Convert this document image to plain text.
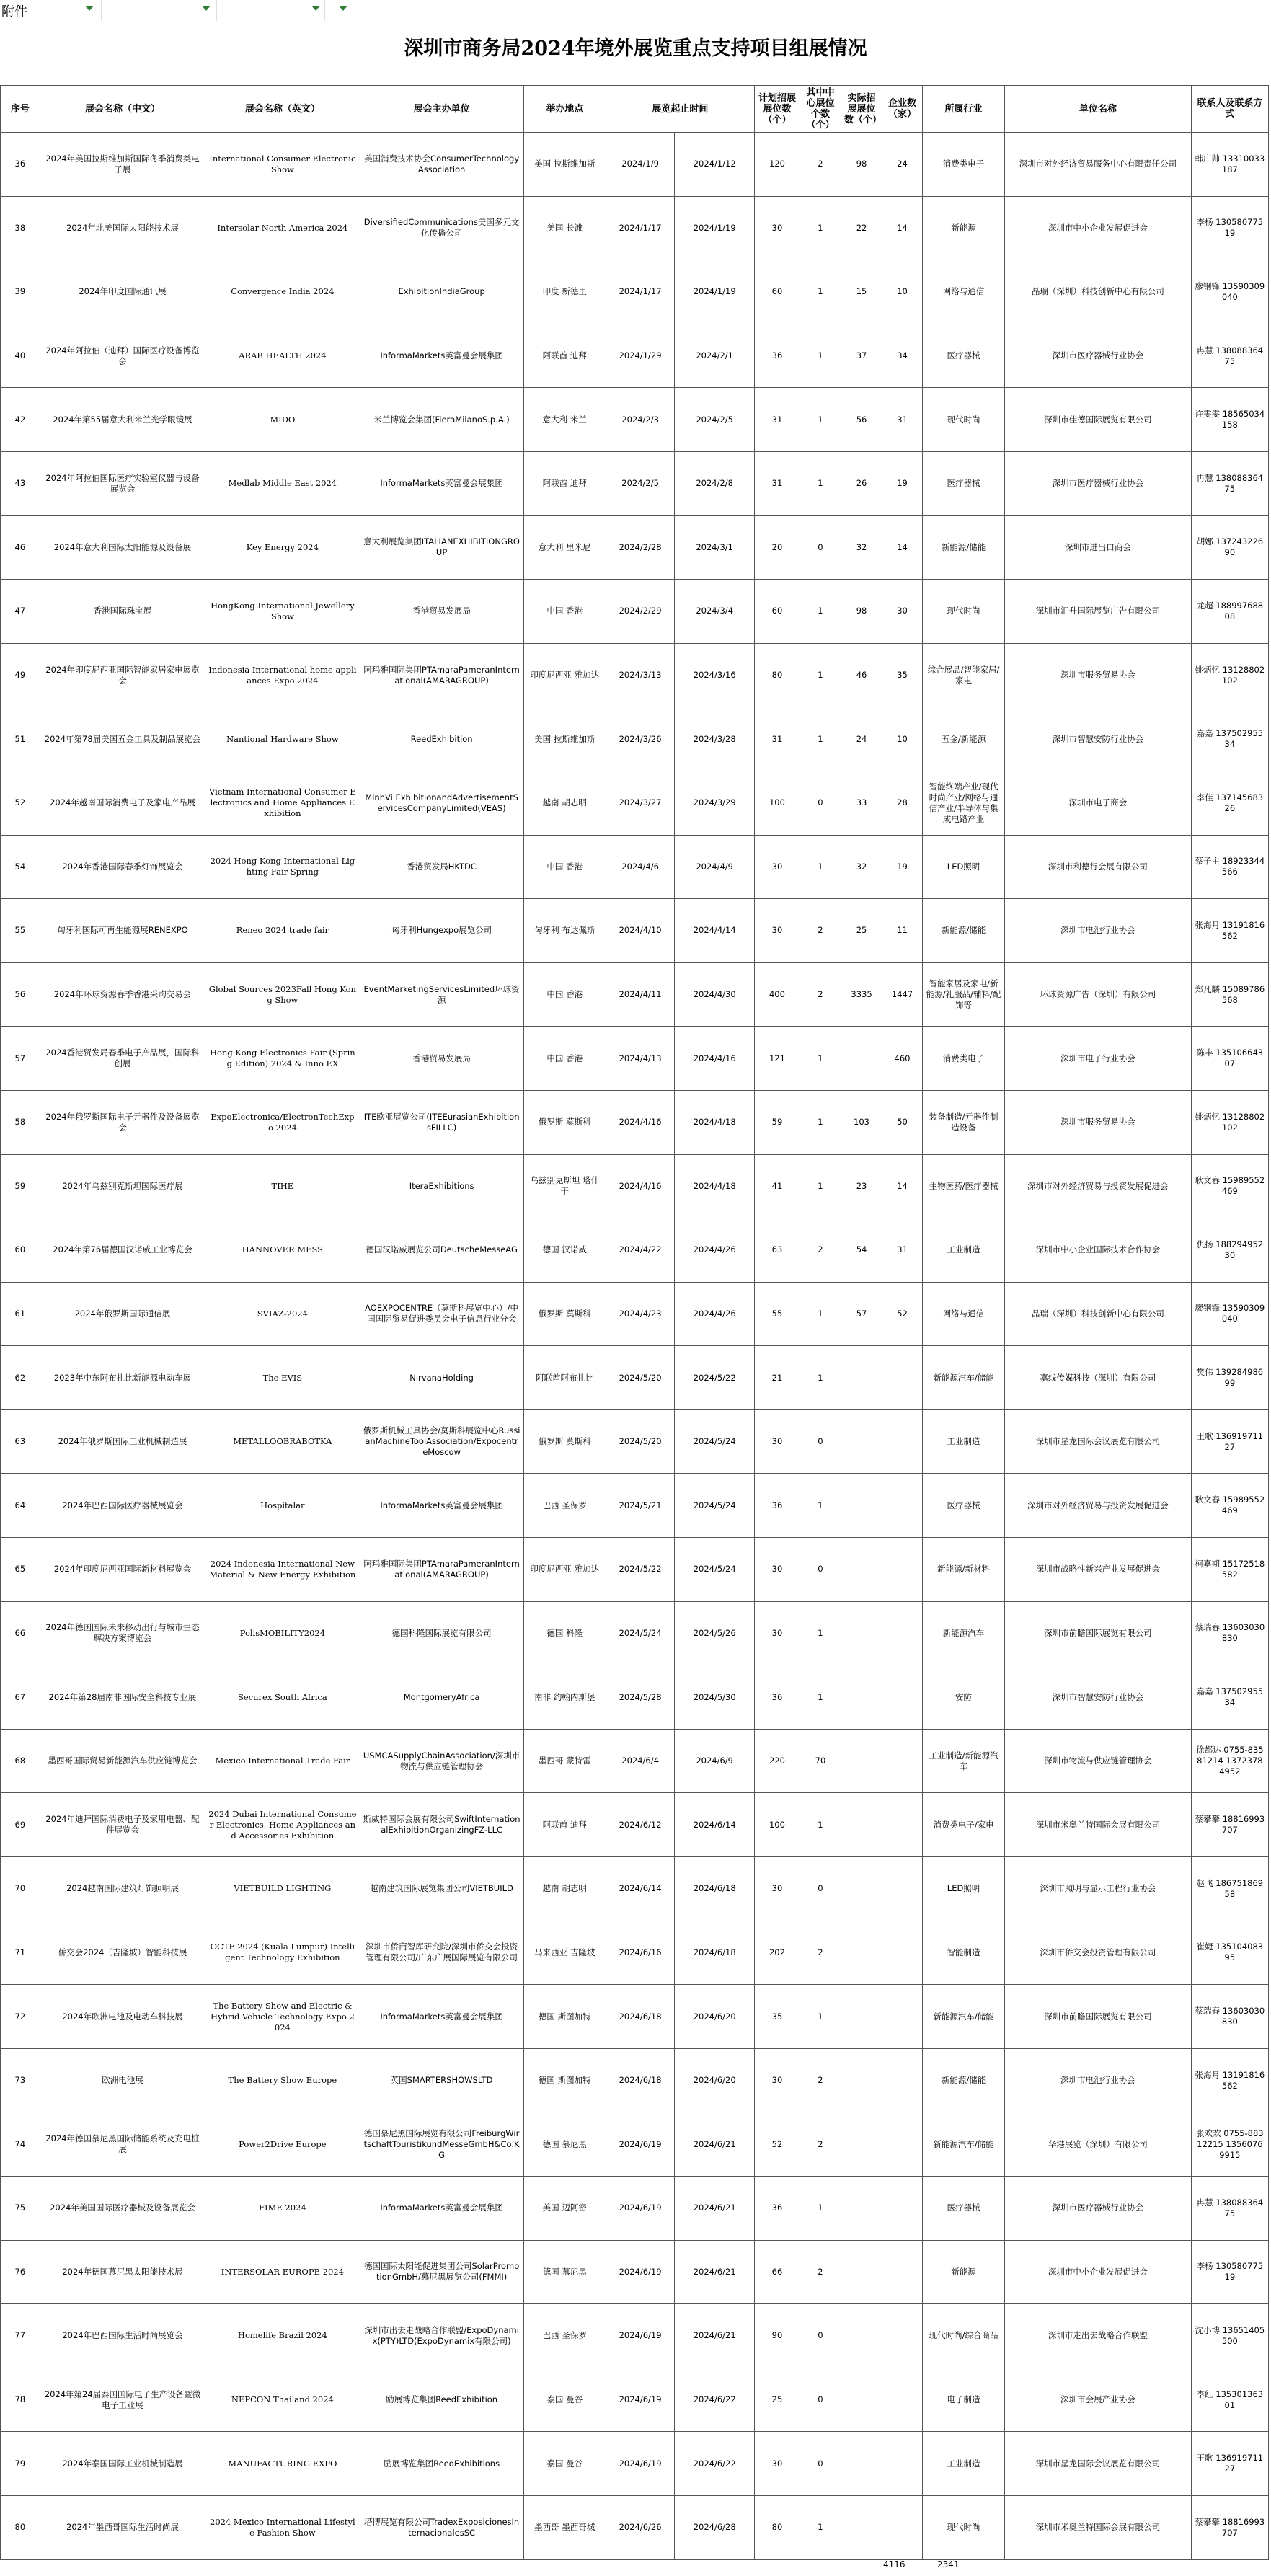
附件
深圳市商务局2024年境外展览重点支持项目组展情况
序号	展会名称（中文）	展会名称（英文）	展会主办单位	举办地点	展览起止时间		计划招展展位数（个）	其中中心展位个数（个）	实际招展展位数（个）	企业数（家）	所属行业	单位名称	联系人及联系方式
36	2024年美国拉斯维加斯国际冬季消费类电子展	International Consumer Electronic Show	美国消费技术协会ConsumerTechnologyAssociation	美国 拉斯维加斯	2024/1/9	2024/1/12	120	2	98	24	消费类电子	深圳市对外经济贸易服务中心有限责任公司	韩广帅 13310033187
38	2024年北美国际太阳能技术展	Intersolar North America 2024	DiversifiedCommunications美国多元文化传播公司	美国 长滩	2024/1/17	2024/1/19	30	1	22	14	新能源	深圳市中小企业发展促进会	李杨 13058077519
39	2024年印度国际通讯展	Convergence India 2024	ExhibitionIndiaGroup	印度 新德里	2024/1/17	2024/1/19	60	1	15	10	网络与通信	晶瑞（深圳）科技创新中心有限公司	廖钢锋 13590309040
40	2024年阿拉伯（迪拜）国际医疗设备博览会	ARAB HEALTH 2024	InformaMarkets英富曼会展集团	阿联酋 迪拜	2024/1/29	2024/2/1	36	1	37	34	医疗器械	深圳市医疗器械行业协会	冉慧 13808836475
42	2024年第55届意大利米兰光学眼镜展	MIDO	米兰博览会集团(FieraMilanoS.p.A.)	意大利 米兰	2024/2/3	2024/2/5	31	1	56	31	现代时尚	深圳市佳德国际展览有限公司	许雯雯 18565034158
43	2024年阿拉伯国际医疗实验室仪器与设备展览会	Medlab Middle East 2024	InformaMarkets英富曼会展集团	阿联酋 迪拜	2024/2/5	2024/2/8	31	1	26	19	医疗器械	深圳市医疗器械行业协会	冉慧 13808836475
46	2024年意大利国际太阳能源及设备展	Key Energy 2024	意大利展览集团ITALIANEXHIBITIONGROUP	意大利 里米尼	2024/2/28	2024/3/1	20	0	32	14	新能源/储能	深圳市进出口商会	胡娜 13724322690
47	香港国际珠宝展	HongKong International Jewellery Show	香港贸易发展局	中国 香港	2024/2/29	2024/3/4	60	1	98	30	现代时尚	深圳市汇升国际展览广告有限公司	龙超 18899768808
49	2024年印度尼西亚国际智能家居家电展览会	Indonesia International home appliances Expo 2024	阿玛雅国际集团PTAmaraPameranInternational(AMARAGROUP)	印度尼西亚 雅加达	2024/3/13	2024/3/16	80	1	46	35	综合展品/智能家居/家电	深圳市服务贸易协会	姚炳忆 13128802102
51	2024年第78届美国五金工具及制品展览会	Nantional Hardware Show	ReedExhibition	美国 拉斯维加斯	2024/3/26	2024/3/28	31	1	24	10	五金/新能源	深圳市智慧安防行业协会	嘉嘉 13750295534
52	2024年越南国际消费电子及家电产品展	Vietnam International Consumer Electronics and Home Appliances Exhibition	MinhVi ExhibitionandAdvertisementServicesCompanyLimited(VEAS)	越南 胡志明	2024/3/27	2024/3/29	100	0	33	28	智能终端产业/现代时尚产业/网络与通信产业/半导体与集成电路产业	深圳市电子商会	李佳 13714568326
54	2024年香港国际春季灯饰展览会	2024 Hong Kong International Lighting Fair Spring	香港贸发局HKTDC	中国 香港	2024/4/6	2024/4/9	30	1	32	19	LED照明	深圳市利德行会展有限公司	蔡子主 18923344566
55	匈牙利国际可再生能源展RENEXPO	Reneo 2024 trade fair	匈牙利Hungexpo展览公司	匈牙利 布达佩斯	2024/4/10	2024/4/14	30	2	25	11	新能源/储能	深圳市电池行业协会	张海月 13191816562
56	2024年环球资源春季香港采购交易会	Global Sources 2023Fall Hong Kong Show	EventMarketingServicesLimited环球资源	中国 香港	2024/4/11	2024/4/30	400	2	3335	1447	智能家居及家电/新能源/礼服品/辅料/配饰等	环球资源广告（深圳）有限公司	郑凡麟 15089786568
57	2024香港贸发局春季电子产品展，国际科创展	Hong Kong Electronics Fair (Spring Edition) 2024 & Inno EX	香港贸易发展局	中国 香港	2024/4/13	2024/4/16	121	1		460	消费类电子	深圳市电子行业协会	陈丰 13510664307
58	2024年俄罗斯国际电子元器件及设备展览会	ExpoElectronica/ElectronTechExpo 2024	ITE欧亚展览公司(ITEEurasianExhibitionsFILLC)	俄罗斯 莫斯科	2024/4/16	2024/4/18	59	1	103	50	装备制造/元器件制造设备	深圳市服务贸易协会	姚炳忆 13128802102
59	2024年乌兹别克斯坦国际医疗展	TIHE	IteraExhibitions	乌兹别克斯坦 塔什干	2024/4/16	2024/4/18	41	1	23	14	生物医药/医疗器械	深圳市对外经济贸易与投资发展促进会	耿文春 15989552469
60	2024年第76届德国汉诺威工业博览会	HANNOVER MESS	德国汉诺威展览公司DeutscheMesseAG	德国 汉诺威	2024/4/22	2024/4/26	63	2	54	31	工业制造	深圳市中小企业国际技术合作协会	仇扬 18829495230
61	2024年俄罗斯国际通信展	SVIAZ-2024	AOEXPOCENTRE（莫斯科展览中心）/中国国际贸易促进委员会电子信息行业分会	俄罗斯 莫斯科	2024/4/23	2024/4/26	55	1	57	52	网络与通信	晶瑞（深圳）科技创新中心有限公司	廖钢锋 13590309040
62	2023年中东阿布扎比新能源电动车展	The EVIS	NirvanaHolding	阿联酋阿布扎比	2024/5/20	2024/5/22	21	1			新能源汽车/储能	嘉线传媒科技（深圳）有限公司	樊伟 13928498699
63	2024年俄罗斯国际工业机械制造展	METALLOOBRABOTKA	俄罗斯机械工具协会/莫斯科展览中心RussianMachineToolAssociation/ExpocentreMoscow	俄罗斯 莫斯科	2024/5/20	2024/5/24	30	0			工业制造	深圳市星龙国际会议展览有限公司	王歌 13691971127
64	2024年巴西国际医疗器械展览会	Hospitalar	InformaMarkets英富曼会展集团	巴西 圣保罗	2024/5/21	2024/5/24	36	1			医疗器械	深圳市对外经济贸易与投资发展促进会	耿文春 15989552469
65	2024年印度尼西亚国际新材料展览会	2024 Indonesia International New Material & New Energy Exhibition	阿玛雅国际集团PTAmaraPameranInternational(AMARAGROUP)	印度尼西亚 雅加达	2024/5/22	2024/5/24	30	0			新能源/新材料	深圳市战略性新兴产业发展促进会	柯嘉期 15172518582
66	2024年德国国际未来移动出行与城市生态解决方案博览会	PolisMOBILITY2024	德国科隆国际展览有限公司	德国 科隆	2024/5/24	2024/5/26	30	1			新能源汽车	深圳市前瞻国际展览有限公司	蔡瑞春 13603030830
67	2024年第28届南非国际安全科技专业展	Securex South Africa	MontgomeryAfrica	南非 约翰内斯堡	2024/5/28	2024/5/30	36	1			安防	深圳市智慧安防行业协会	嘉嘉 13750295534
68	墨西哥国际贸易新能源汽车供应链博览会	Mexico International Trade Fair	USMCASupplyChainAssociation/深圳市物流与供应链管理协会	墨西哥 蒙特雷	2024/6/4	2024/6/9	220	70			工业制造/新能源汽车	深圳市物流与供应链管理协会	徐都达 0755-83581214 13723784952
69	2024年迪拜国际消费电子及家用电器、配件展览会	2024 Dubai International Consumer Electronics, Home Appliances and Accessories Exhibition	斯威特国际会展有限公司SwiftInternationalExhibitionOrganizingFZ-LLC	阿联酋 迪拜	2024/6/12	2024/6/14	100	1			消费类电子/家电	深圳市米奥兰特国际会展有限公司	蔡攀攀 18816993707
70	2024越南国际建筑灯饰照明展	VIETBUILD LIGHTING	越南建筑国际展览集团公司VIETBUILD	越南 胡志明	2024/6/14	2024/6/18	30	0			LED照明	深圳市照明与显示工程行业协会	赵飞 18675186958
71	侨交会2024（吉隆坡）智能科技展	OCTF 2024 (Kuala Lumpur) Intelligent Technology Exhibition	深圳市侨商智库研究院/深圳市侨交会投资管理有限公司/广东广展国际展览有限公司	马来西亚 吉隆坡	2024/6/16	2024/6/18	202	2			智能制造	深圳市侨交会投资管理有限公司	崔婕 13510408395
72	2024年欧洲电池及电动车科技展	The Battery Show and Electric & Hybrid Vehicle Technology Expo 2024	InformaMarkets英富曼会展集团	德国 斯图加特	2024/6/18	2024/6/20	35	1			新能源汽车/储能	深圳市前瞻国际展览有限公司	蔡瑞春 13603030830
73	欧洲电池展	The Battery Show Europe	英国SMARTERSHOWSLTD	德国 斯图加特	2024/6/18	2024/6/20	30	2			新能源/储能	深圳市电池行业协会	张海月 13191816562
74	2024年德国慕尼黑国际储能系统及充电桩展	Power2Drive Europe	德国慕尼黑国际展览有限公司FreiburgWirtschaftTouristikundMesseGmbH&Co.KG	德国 慕尼黑	2024/6/19	2024/6/21	52	2			新能源汽车/储能	华港展览（深圳）有限公司	张欢欢 0755-88312215 13560769915
75	2024年美国国际医疗器械及设备展览会	FIME 2024	InformaMarkets英富曼会展集团	美国 迈阿密	2024/6/19	2024/6/21	36	1			医疗器械	深圳市医疗器械行业协会	冉慧 13808836475
76	2024年德国慕尼黑太阳能技术展	INTERSOLAR EUROPE 2024	德国国际太阳能促进集团公司SolarPromotionGmbH/慕尼黑展览公司(FMMI)	德国 慕尼黑	2024/6/19	2024/6/21	66	2			新能源	深圳市中小企业发展促进会	李杨 13058077519
77	2024年巴西国际生活时尚展览会	Homelife Brazil 2024	深圳市出去走战略合作联盟/ExpoDynamix(PTY)LTD(ExpoDynamix有限公司)	巴西 圣保罗	2024/6/19	2024/6/21	90	0			现代时尚/综合商品	深圳市走出去战略合作联盟	沈小博 13651405500
78	2024年第24届泰国国际电子生产设备暨微电子工业展	NEPCON Thailand 2024	励展博览集团ReedExhibition	泰国 曼谷	2024/6/19	2024/6/22	25	0			电子制造	深圳市会展产业协会	李红 13530136301
79	2024年泰国国际工业机械制造展	MANUFACTURING EXPO	励展博览集团ReedExhibitions	泰国 曼谷	2024/6/19	2024/6/22	30	0			工业制造	深圳市星龙国际会议展览有限公司	王歌 13691971127
80	2024年墨西哥国际生活时尚展	2024 Mexico International Lifestyle Fashion Show	塔博展览有限公司TradexExposicionesInternacionalesSC	墨西哥 墨西哥城	2024/6/26	2024/6/28	80	1			现代时尚	深圳市米奥兰特国际会展有限公司	蔡攀攀 18816993707
4116	2341
